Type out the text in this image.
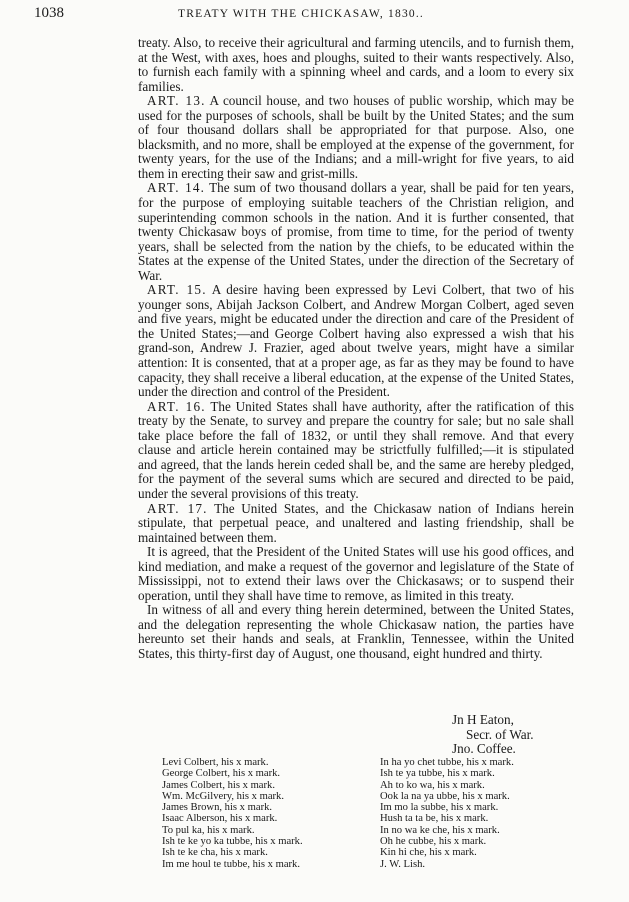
1038	TREATY WITH THE CHICKASAW, 1830..

treaty. Also, to receive their agricultural and farming utencils, and to furnish them, at the West, with axes, hoes and ploughs, suited to their wants respectively. Also, to furnish each family with a spinning wheel and cards, and a loom to every six families.

ART. 13. A council house, and two houses of public worship, which may be used for the purposes of schools, shall be built by the United States; and the sum of four thousand dollars shall be appropriated for that purpose. Also, one blacksmith, and no more, shall be employed at the expense of the government, for twenty years, for the use of the Indians; and a mill-wright for five years, to aid them in erecting their saw and grist-mills.

ART. 14. The sum of two thousand dollars a year, shall be paid for ten years, for the purpose of employing suitable teachers of the Christian religion, and superintending common schools in the nation. And it is further consented, that twenty Chickasaw boys of promise, from time to time, for the period of twenty years, shall be selected from the nation by the chiefs, to be educated within the States at the expense of the United States, under the direction of the Secretary of War.

ART. 15. A desire having been expressed by Levi Colbert, that two of his younger sons, Abijah Jackson Colbert, and Andrew Morgan Colbert, aged seven and five years, might be educated under the direction and care of the President of the United States;—and George Colbert having also expressed a wish that his grand-son, Andrew J. Frazier, aged about twelve years, might have a similar attention: It is consented, that at a proper age, as far as they may be found to have capacity, they shall receive a liberal education, at the expense of the United States, under the direction and control of the President.

ART. 16. The United States shall have authority, after the ratification of this treaty by the Senate, to survey and prepare the country for sale; but no sale shall take place before the fall of 1832, or until they shall remove. And that every clause and article herein contained may be strictfully fulfilled;—it is stipulated and agreed, that the lands herein ceded shall be, and the same are hereby pledged, for the payment of the several sums which are secured and directed to be paid, under the several provisions of this treaty.

ART. 17. The United States, and the Chickasaw nation of Indians herein stipulate, that perpetual peace, and unaltered and lasting friendship, shall be maintained between them.

It is agreed, that the President of the United States will use his good offices, and kind mediation, and make a request of the governor and legislature of the State of Mississippi, not to extend their laws over the Chickasaws; or to suspend their operation, until they shall have time to remove, as limited in this treaty.

In witness of all and every thing herein determined, between the United States, and the delegation representing the whole Chickasaw nation, the parties have hereunto set their hands and seals, at Franklin, Tennessee, within the United States, this thirty-first day of August, one thousand, eight hundred and thirty.

Jn H Eaton,
Secr. of War.
Jno. Coffee.
Levi Colbert, his x mark.
George Colbert, his x mark.
James Colbert, his x mark.
Wm. McGilvery, his x mark.
James Brown, his x mark.
Isaac Alberson, his x mark.
To pul ka, his x mark.
Ish te ke yo ka tubbe, his x mark.
Ish te ke cha, his x mark.
Im me houl te tubbe, his x mark.
In ha yo chet tubbe, his x mark.
Ish te ya tubbe, his x mark.
Ah to ko wa, his x mark.
Ook la na ya ubbe, his x mark.
Im mo la subbe, his x mark.
Hush ta ta be, his x mark.
In no wa ke che, his x mark.
Oh he cubbe, his x mark.
Kin hi che, his x mark.
J. W. Lish.
